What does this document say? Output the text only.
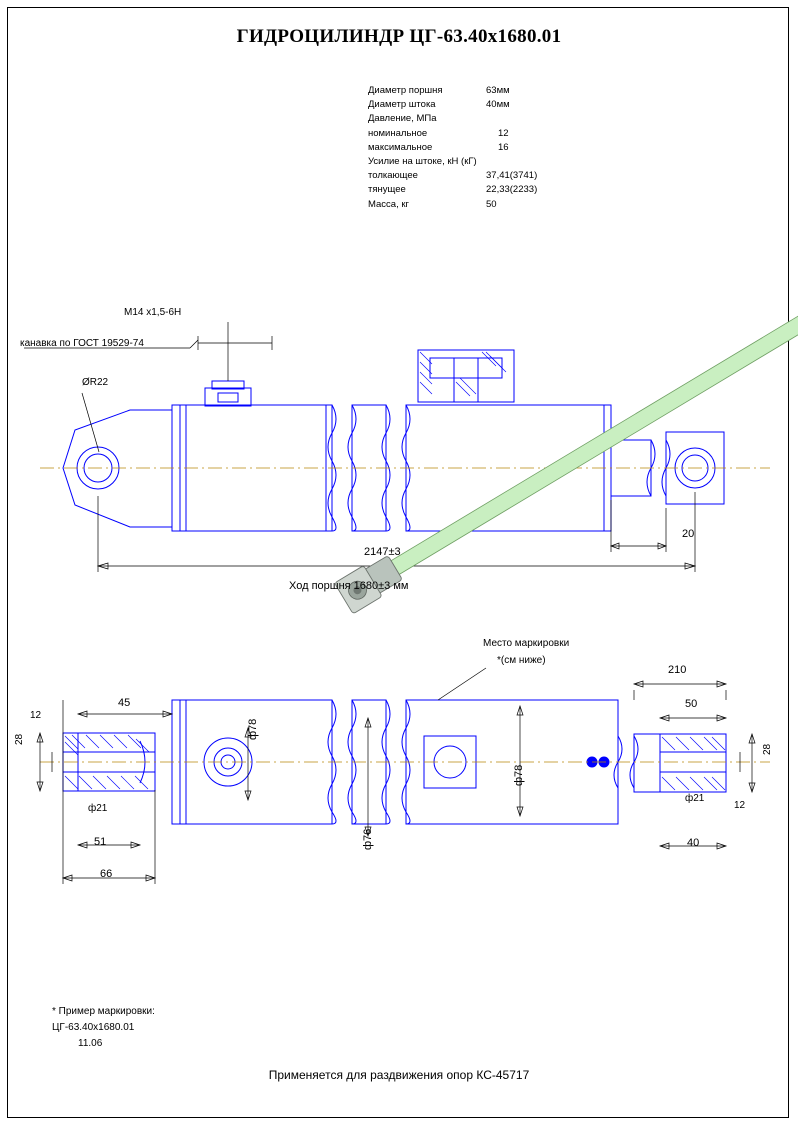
ГИДРОЦИЛИНДР ЦГ-63.40x1680.01
Диаметр поршня	63мм
Диаметр штока	40мм
Давление, МПа
номинальное	12
максимальное	16
Усилие на штоке, кН (кГ)
толкающее	37,41(3741)
тянущее	22,33(2233)
Масса, кг	50
М14 х1,5-6Н
канавка по ГОСТ 19529-74
ØR22
2147±3
Ход поршня 1680±3 мм
20
Место маркировки
*(см ниже)
45
12
28
ф21
51
66
ф78
ф76
ф78
210
50
28
12
ф21
40
* Пример маркировки:
ЦГ-63.40x1680.01
11.06
Применяется для раздвижения опор КС-45717
